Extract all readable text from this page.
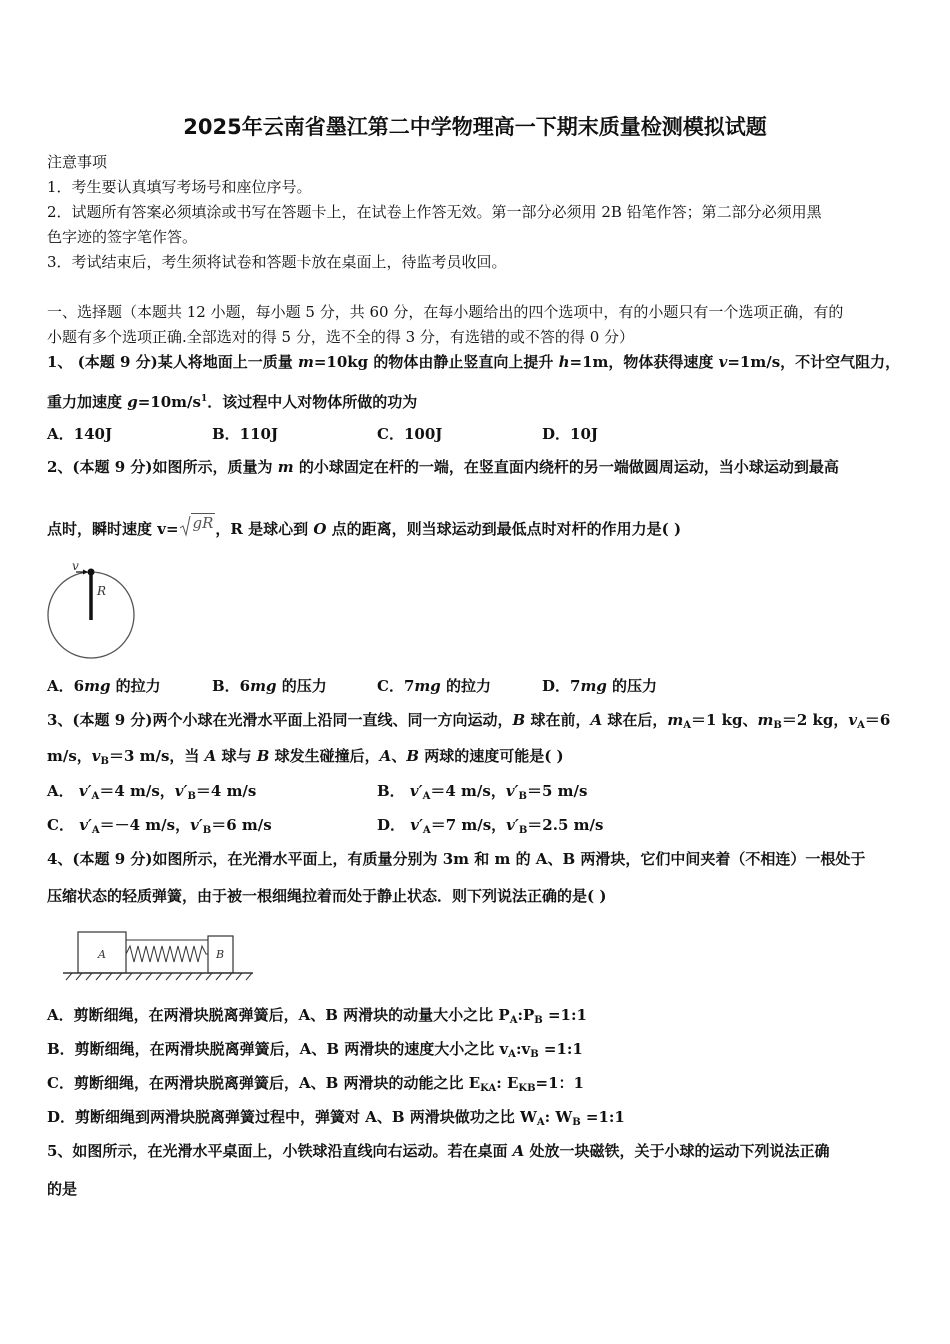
2025年云南省墨江第二中学物理高一下期末质量检测模拟试题
注意事项
1．考生要认真填写考场号和座位序号。
2．试题所有答案必须填涂或书写在答题卡上，在试卷上作答无效。第一部分必须用 2B 铅笔作答；第二部分必须用黑
色字迹的签字笔作答。
3．考试结束后，考生须将试卷和答题卡放在桌面上，待监考员收回。
一、选择题（本题共 12 小题，每小题 5 分，共 60 分，在每小题给出的四个选项中，有的小题只有一个选项正确，有的
小题有多个选项正确.全部选对的得 5 分，选不全的得 3 分，有选错的或不答的得 0 分）
1、 (本题 9 分)某人将地面上一质量 m=10kg 的物体由静止竖直向上提升 h=1m，物体获得速度 v=1m/s，不计空气阻力，
重力加速度 $g=10m/s^1$．该过程中人对物体所做的功为
A．140J	B．110J	C．100J	D．10J
2、(本题 9 分)如图所示，质量为 m 的小球固定在杆的一端，在竖直面内绕杆的另一端做圆周运动，当小球运动到最高
点时，瞬时速度 v= gR ，R 是球心到 O 点的距离，则当球运动到最低点时对杆的作用力是( )
v
R
A．6mg 的拉力	B．6mg 的压力	C．7mg 的拉力	D．7mg 的压力
3、(本题 9 分)两个小球在光滑水平面上沿同一直线、同一方向运动，B 球在前，A 球在后，$m_A=1$ kg、$m_B=2$ kg，$v_A=6$
m/s，$v_B=3$ m/s，当 A 球与 B 球发生碰撞后，A、B 两球的速度可能是( )
A． $v'_A=4$ m/s，$v'_B=4$ m/s	B． $v'_A=4$ m/s，$v'_B=5$ m/s
C． $v'_A=-4$ m/s，$v'_B=6$ m/s	D． $v'_A=7$ m/s，$v'_B=2.5$ m/s
4、(本题 9 分)如图所示，在光滑水平面上，有质量分别为 3m 和 m 的 A、B 两滑块，它们中间夹着（不相连）一根处于
压缩状态的轻质弹簧，由于被一根细绳拉着而处于静止状态．则下列说法正确的是( )
A	B
A．剪断细绳，在两滑块脱离弹簧后，A、B 两滑块的动量大小之比 $P_A:P_B$ =1:1
B．剪断细绳，在两滑块脱离弹簧后，A、B 两滑块的速度大小之比 $v_A:v_B$ =1:1
C．剪断细绳，在两滑块脱离弹簧后，A、B 两滑块的动能之比 $E_{KA}$: $E_{KB}=1$：1
D．剪断细绳到两滑块脱离弹簧过程中，弹簧对 A、B 两滑块做功之比 $W_A$: $W_B$ =1:1
5、如图所示，在光滑水平桌面上，小铁球沿直线向右运动。若在桌面 A 处放一块磁铁，关于小球的运动下列说法正确
的是
